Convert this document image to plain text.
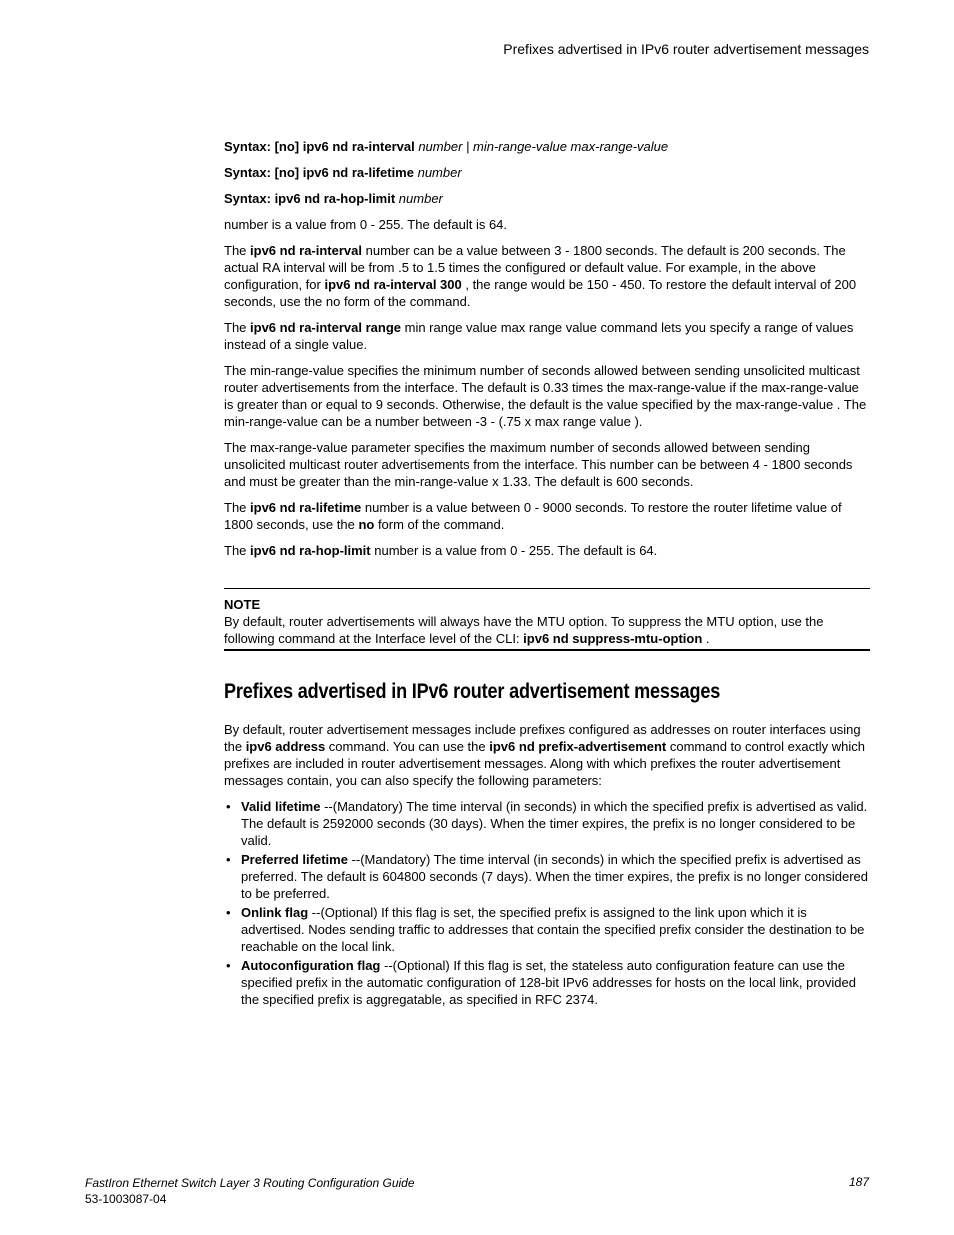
Prefixes advertised in IPv6 router advertisement messages

Syntax: [no] ipv6 nd ra-interval number | min-range-value max-range-value

Syntax: [no] ipv6 nd ra-lifetime number

Syntax: ipv6 nd ra-hop-limit number

number is a value from 0 - 255. The default is 64.

The ipv6 nd ra-interval number can be a value between 3 - 1800 seconds. The default is 200 seconds. The actual RA interval will be from .5 to 1.5 times the configured or default value. For example, in the above configuration, for ipv6 nd ra-interval 300 , the range would be 150 - 450. To restore the default interval of 200 seconds, use the no form of the command.

The ipv6 nd ra-interval range min range value max range value command lets you specify a range of values instead of a single value.

The min-range-value specifies the minimum number of seconds allowed between sending unsolicited multicast router advertisements from the interface. The default is 0.33 times the max-range-value if the max-range-value is greater than or equal to 9 seconds. Otherwise, the default is the value specified by the max-range-value . The min-range-value can be a number between -3 - (.75 x max range value ).

The max-range-value parameter specifies the maximum number of seconds allowed between sending unsolicited multicast router advertisements from the interface. This number can be between 4 - 1800 seconds and must be greater than the min-range-value x 1.33. The default is 600 seconds.

The ipv6 nd ra-lifetime number is a value between 0 - 9000 seconds. To restore the router lifetime value of 1800 seconds, use the no form of the command.

The ipv6 nd ra-hop-limit number is a value from 0 - 255. The default is 64.

NOTE

By default, router advertisements will always have the MTU option. To suppress the MTU option, use the following command at the Interface level of the CLI: ipv6 nd suppress-mtu-option .

Prefixes advertised in IPv6 router advertisement messages

By default, router advertisement messages include prefixes configured as addresses on router interfaces using the ipv6 address command. You can use the ipv6 nd prefix-advertisement command to control exactly which prefixes are included in router advertisement messages. Along with which prefixes the router advertisement messages contain, you can also specify the following parameters:

• Valid lifetime --(Mandatory) The time interval (in seconds) in which the specified prefix is advertised as valid. The default is 2592000 seconds (30 days). When the timer expires, the prefix is no longer considered to be valid.
• Preferred lifetime --(Mandatory) The time interval (in seconds) in which the specified prefix is advertised as preferred. The default is 604800 seconds (7 days). When the timer expires, the prefix is no longer considered to be preferred.
• Onlink flag --(Optional) If this flag is set, the specified prefix is assigned to the link upon which it is advertised. Nodes sending traffic to addresses that contain the specified prefix consider the destination to be reachable on the local link.
• Autoconfiguration flag --(Optional) If this flag is set, the stateless auto configuration feature can use the specified prefix in the automatic configuration of 128-bit IPv6 addresses for hosts on the local link, provided the specified prefix is aggregatable, as specified in RFC 2374.
FastIron Ethernet Switch Layer 3 Routing Configuration Guide
53-1003087-04
187
